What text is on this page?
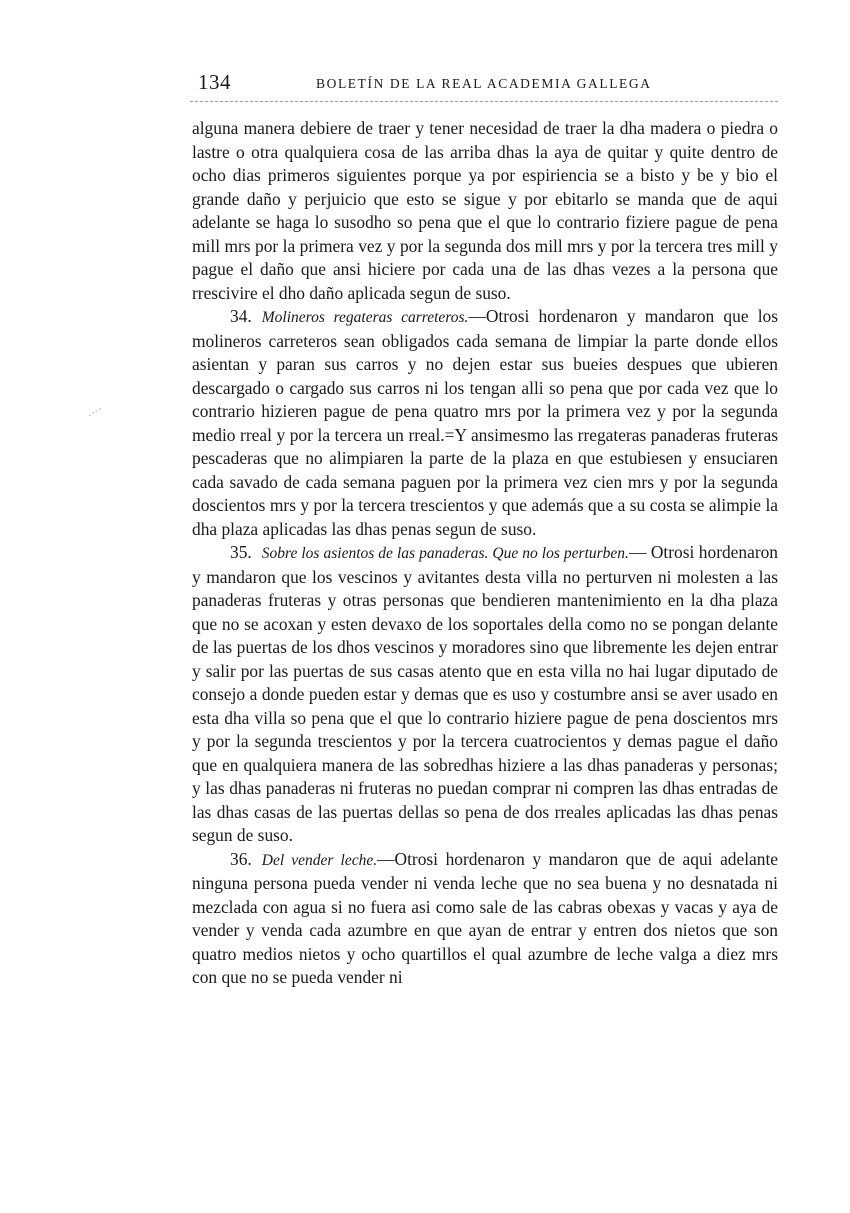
134	BOLETÍN DE LA REAL ACADEMIA GALLEGA

alguna manera debiere de traer y tener necesidad de traer la dha madera o piedra o lastre o otra qualquiera cosa de las arriba dhas la aya de quitar y quite dentro de ocho dias primeros siguientes porque ya por espiriencia se a bisto y be y bio el grande daño y perjuicio que esto se sigue y por ebitarlo se manda que de aqui adelante se haga lo susodho so pena que el que lo contrario fiziere pague de pena mill mrs por la primera vez y por la segunda dos mill mrs y por la tercera tres mill y pague el daño que ansi hiciere por cada una de las dhas vezes a la persona que rrescivire el dho daño aplicada segun de suso.

34. Molineros regateras carreteros.—Otrosi hordenaron y mandaron que los molineros carreteros sean obligados cada semana de limpiar la parte donde ellos asientan y paran sus carros y no dejen estar sus bueies despues que ubieren descargado o cargado sus carros ni los tengan alli so pena que por cada vez que lo contrario hizieren pague de pena quatro mrs por la primera vez y por la segunda medio rreal y por la tercera un rreal.=Y ansimesmo las rregateras panaderas fruteras pescaderas que no alimpiaren la parte de la plaza en que estubiesen y ensuciaren cada savado de cada semana paguen por la primera vez cien mrs y por la segunda doscientos mrs y por la tercera trescientos y que además que a su costa se alimpie la dha plaza aplicadas las dhas penas segun de suso.

35. Sobre los asientos de las panaderas. Que no los perturben.— Otrosi hordenaron y mandaron que los vescinos y avitantes desta villa no perturven ni molesten a las panaderas fruteras y otras personas que bendieren mantenimiento en la dha plaza que no se acoxan y esten devaxo de los soportales della como no se pongan delante de las puertas de los dhos vescinos y moradores sino que libremente les dejen entrar y salir por las puertas de sus casas atento que en esta villa no hai lugar diputado de consejo a donde pueden estar y demas que es uso y costumbre ansi se aver usado en esta dha villa so pena que el que lo contrario hiziere pague de pena doscientos mrs y por la segunda trescientos y por la tercera cuatrocientos y demas pague el daño que en qualquiera manera de las sobredhas hiziere a las dhas panaderas y personas; y las dhas panaderas ni fruteras no puedan comprar ni compren las dhas entradas de las dhas casas de las puertas dellas so pena de dos rreales aplicadas las dhas penas segun de suso.

36. Del vender leche.—Otrosi hordenaron y mandaron que de aqui adelante ninguna persona pueda vender ni venda leche que no sea buena y no desnatada ni mezclada con agua si no fuera asi como sale de las cabras obexas y vacas y aya de vender y venda cada azumbre en que ayan de entrar y entren dos nietos que son quatro medios nietos y ocho quartillos el qual azumbre de leche valga a diez mrs con que no se pueda vender ni
